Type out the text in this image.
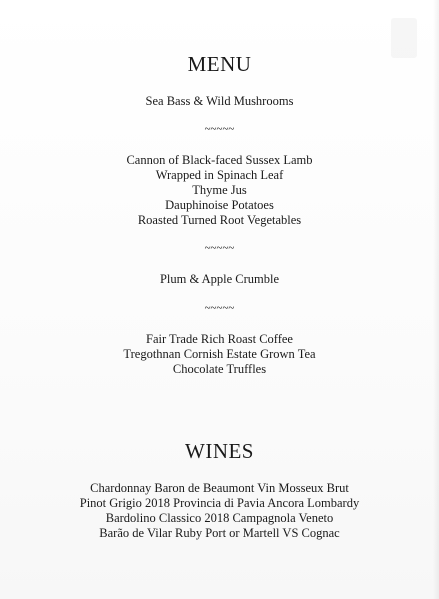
MENU
Sea Bass & Wild Mushrooms
~~~~~
Cannon of Black-faced Sussex Lamb
Wrapped in Spinach Leaf
Thyme Jus
Dauphinoise Potatoes
Roasted Turned Root Vegetables
~~~~~
Plum & Apple Crumble
~~~~~
Fair Trade Rich Roast Coffee
Tregothnan Cornish Estate Grown Tea
Chocolate Truffles
WINES
Chardonnay Baron de Beaumont Vin Mosseux Brut
Pinot Grigio 2018 Provincia di Pavia Ancora Lombardy
Bardolino Classico 2018 Campagnola Veneto
Barão de Vilar Ruby Port or Martell VS Cognac
